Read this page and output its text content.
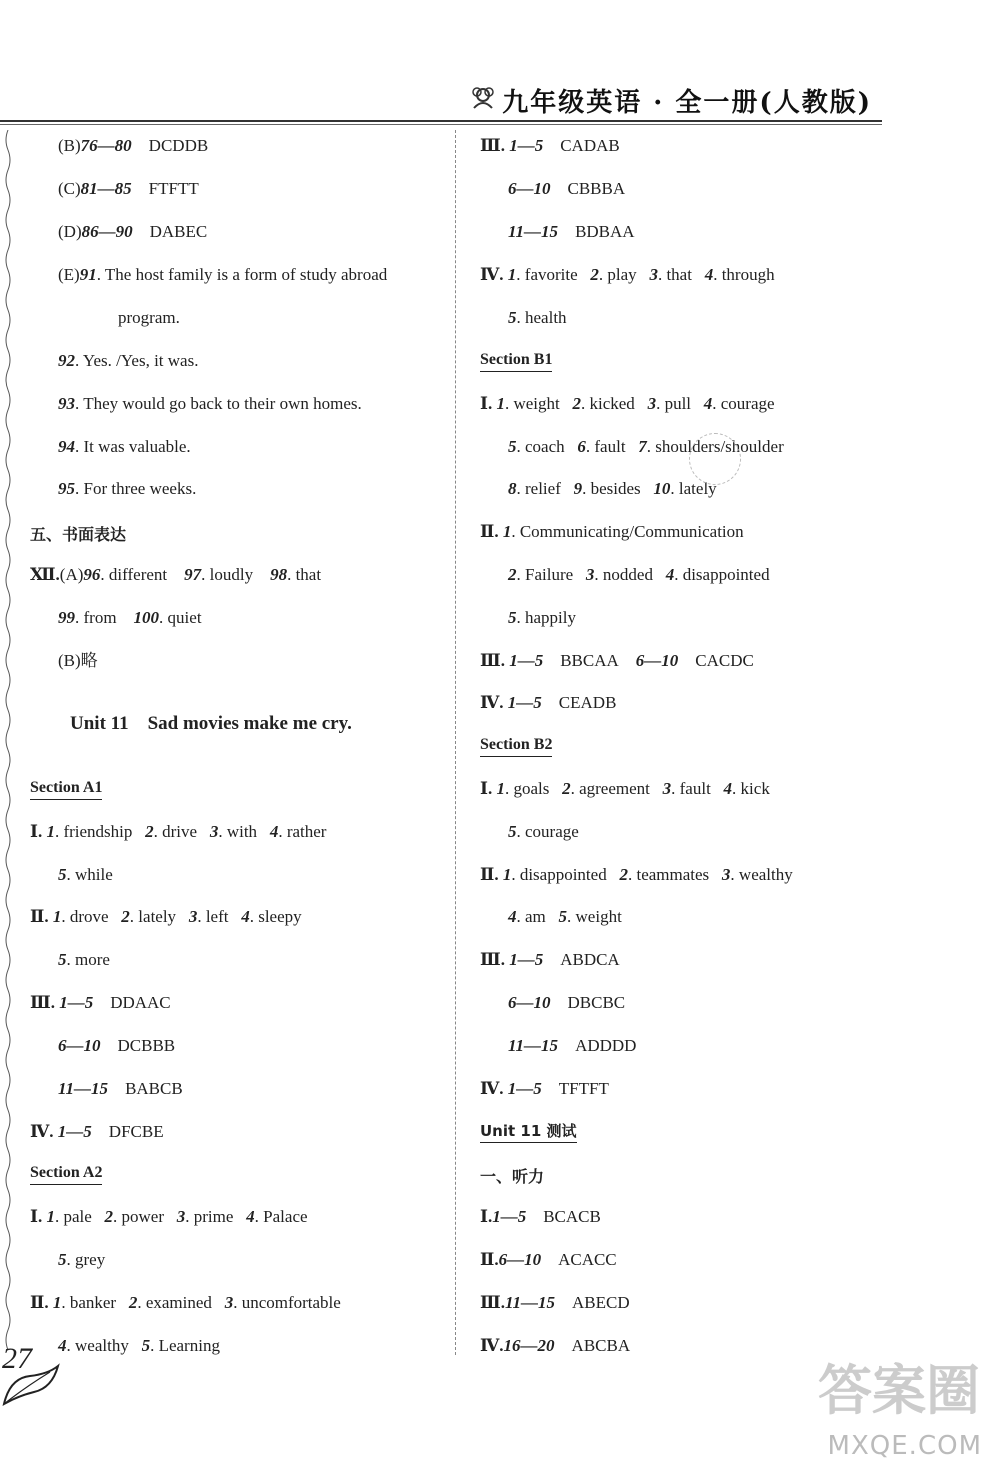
九年级英语 · 全一册(人教版)
(B)76—80 DCDDB
(C)81—85 FTFTT
(D)86—90 DABEC
(E)91. The host family is a form of study abroad
program.
92. Yes. /Yes, it was.
93. They would go back to their own homes.
94. It was valuable.
95. For three weeks.
五、书面表达
Ⅻ.(A)96. different 97. loudly 98. that
99. from 100. quiet
(B)略
Unit 11    Sad movies make me cry.
Section A1
Ⅰ. 1. friendship 2. drive 3. with 4. rather
5. while
Ⅱ. 1. drove 2. lately 3. left 4. sleepy
5. more
Ⅲ. 1—5 DDAAC
6—10 DCBBB
11—15 BABCB
Ⅳ. 1—5 DFCBE
Section A2
Ⅰ. 1. pale 2. power 3. prime 4. Palace
5. grey
Ⅱ. 1. banker 2. examined 3. uncomfortable
4. wealthy 5. Learning
Ⅲ. 1—5 CADAB
6—10 CBBBA
11—15 BDBAA
Ⅳ. 1. favorite 2. play 3. that 4. through
5. health
Section B1
Ⅰ. 1. weight 2. kicked 3. pull 4. courage
5. coach 6. fault 7. shoulders/shoulder
8. relief 9. besides 10. lately
Ⅱ. 1. Communicating/Communication
2. Failure 3. nodded 4. disappointed
5. happily
Ⅲ. 1—5 BBCAA 6—10 CACDC
Ⅳ. 1—5 CEADB
Section B2
Ⅰ. 1. goals 2. agreement 3. fault 4. kick
5. courage
Ⅱ. 1. disappointed 2. teammates 3. wealthy
4. am 5. weight
Ⅲ. 1—5 ABDCA
6—10 DBCBC
11—15 ADDDD
Ⅳ. 1—5 TFTFT
Unit 11 测试
一、听力
Ⅰ.1—5 BCACB
Ⅱ.6—10 ACACC
Ⅲ.11—15 ABECD
Ⅳ.16—20 ABCBA
27
答案圈
MXQE.COM
